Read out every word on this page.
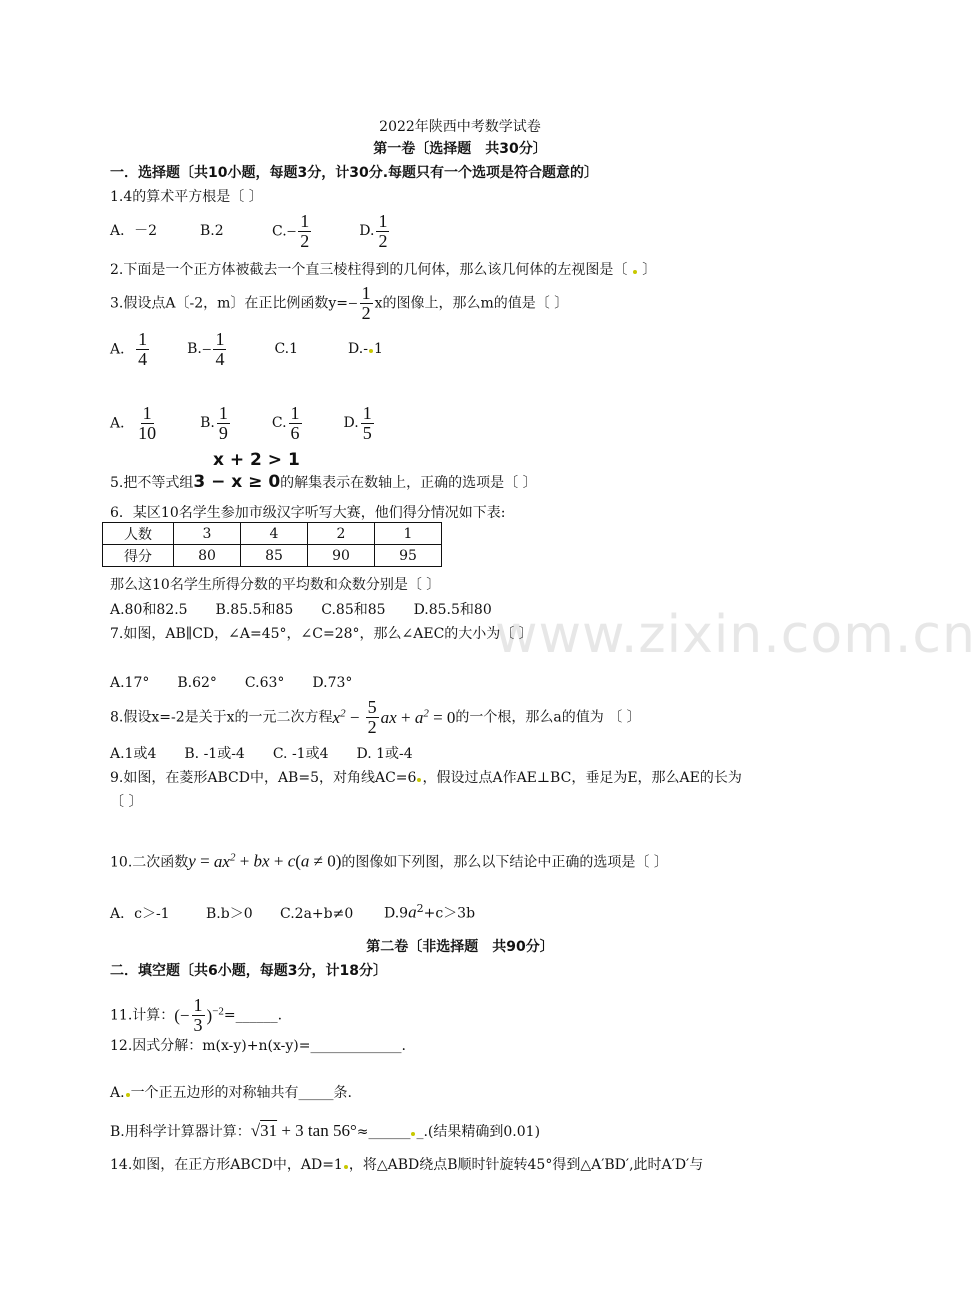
www.zixin.com.cn
2022年陕西中考数学试卷
第一卷〔选择题　共30分〕
一．选择题〔共10小题，每题3分，计30分.每题只有一个选项是符合题意的〕
1.4的算术平方根是〔 〕
A．－2	B.2	$C.- \frac{1}{2}$	D. $\frac{1}{2}$
2.下面是一个正方体被截去一个直三棱柱得到的几何体，那么该几何体的左视图是〔 〕
3.假设点A〔-2，m〕在正比例函数$y=- \frac{1}{2}$ x的图像上，那么m的值是〔 〕
A． $\frac{1}{4}$	$B.- \frac{1}{4}$	C.1	D.- 1
A． $\frac{1}{10}$	B. $\frac{1}{9}$	C. $\frac{1}{6}$	D. $\frac{1}{5}$
x + 2 > 1
5.把不等式组3 − x ≥ 0的解集表示在数轴上，正确的选项是〔 〕
6．某区10名学生参加市级汉字听写大赛，他们得分情况如下表:
人数	3	4	2	1
得分	80	85	90	95
那么这10名学生所得分数的平均数和众数分别是〔 〕
A.80和82.5　　B.85.5和85　　C.85和85　　D.85.5和80
7.如图，AB∥CD，∠A=45°，∠C=28°，那么∠AEC的大小为〔 〕
A.17°　　B.62°　　C.63°　　D.73°
8.假设x=-2是关于x的一元二次方程$x^2 - \frac{5}{2}$ ax + $a^2 = 0$的一个根，那么a的值为 〔 〕
A.1或4　　B. -1或-4　　C. -1或4　　D. 1或-4
9.如图，在菱形ABCD中，AB=5，对角线AC=6 ，假设过点A作AE⊥BC，垂足为E，那么AE的长为
〔 〕
10.二次函数$y = ax^2$ + bx + c(a ≠ 0)的图像如下列图，那么以下结论中正确的选项是〔 〕
A．c＞-1	B.b＞0 C.2a+b≠0 $D.9a^2+c>3b$
第二卷〔非选择题　共90分〕
二．填空题〔共6小题，每题3分，计18分〕
11.计算：(− $\frac{1}{3}$ )$^{-2}$=______.
12.因式分解：m(x-y)+n(x-y)=_____________.
A. 一个正五边形的对称轴共有_____条.
B.用科学计算器计算：√31 + 3 tan 56°≈______ _.(结果精确到0.01)
14.如图，在正方形ABCD中，AD=1 ，将△ABD绕点B顺时针旋转45°得到△A′BD′,此时A′D′与
